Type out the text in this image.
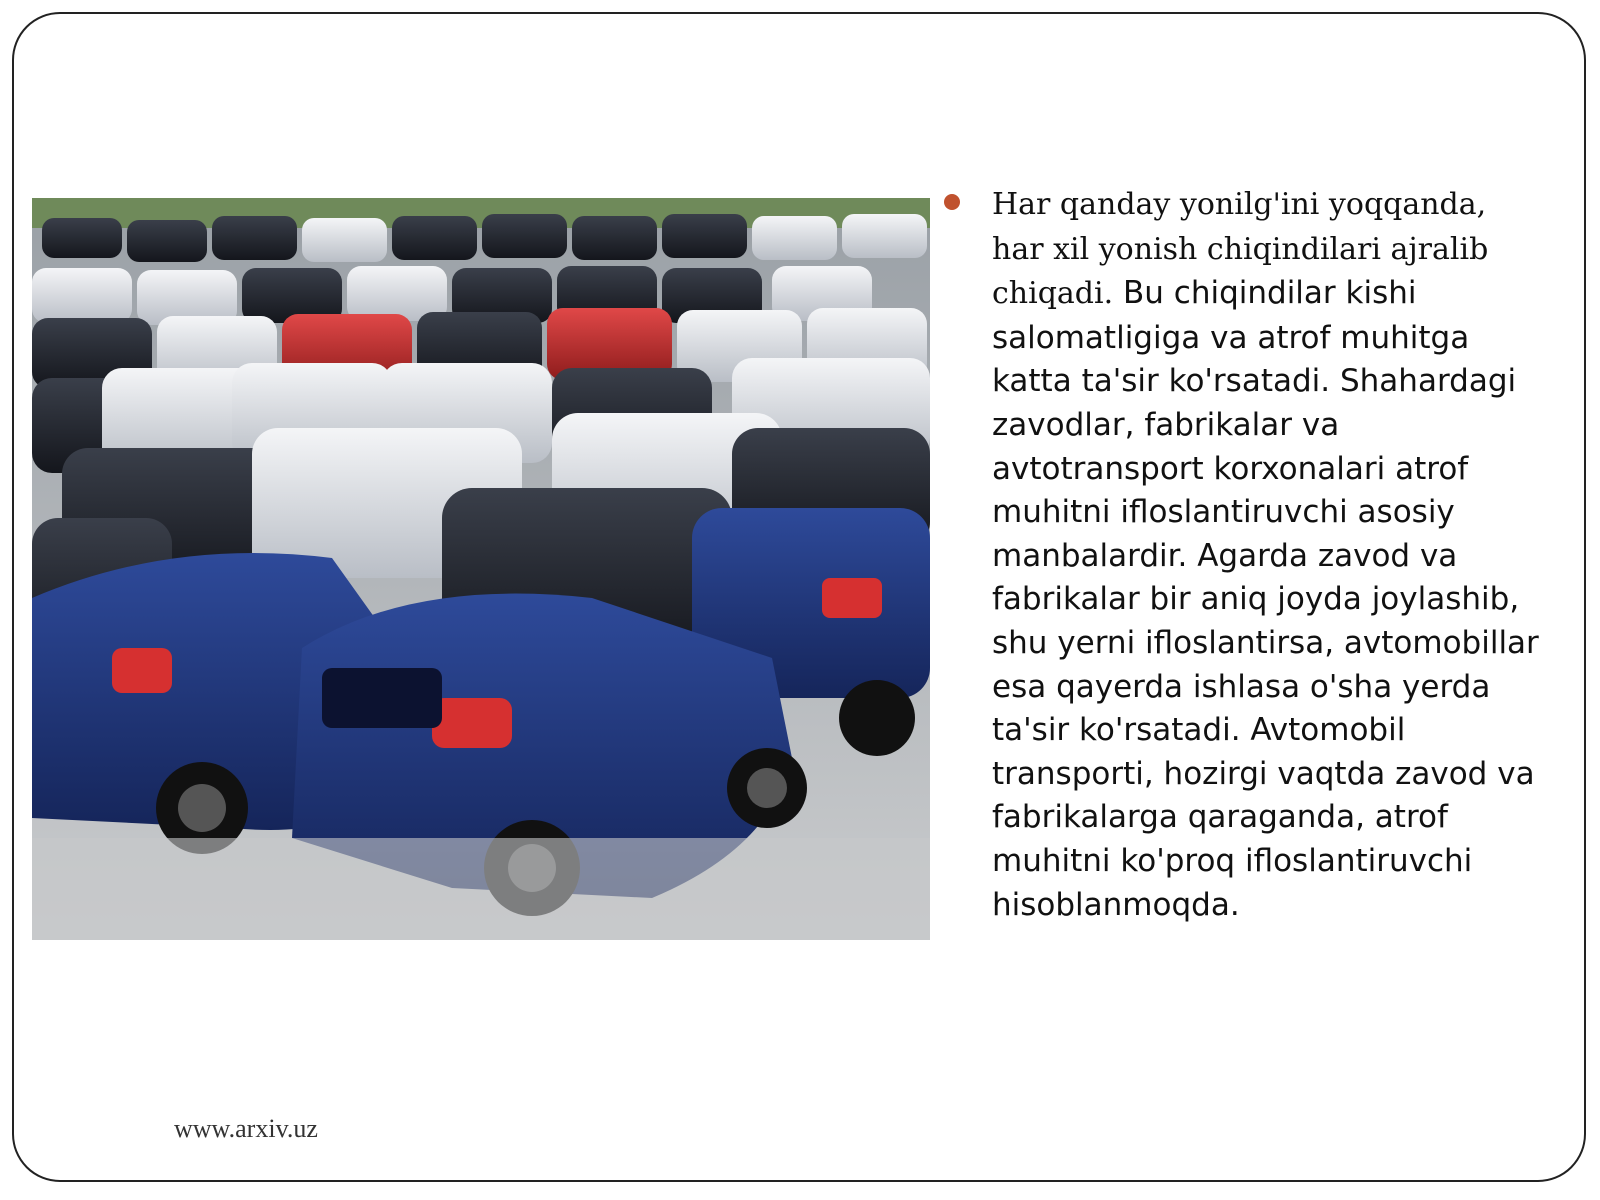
Har qanday yonilg'ini yoqqanda, har xil yonish chiqindilari ajralib chiqadi. Bu chiqindilar kishi salomatligiga va atrof muhitga katta ta'sir ko'rsatadi. Shahardagi zavodlar, fabrikalar va avtotransport korxonalari atrof muhitni ifloslantiruvchi asosiy manbalardir. Agarda zavod va fabrikalar bir aniq joyda joylashib, shu yerni ifloslantirsa, avtomobillar esa qayerda ishlasa o'sha yerda ta'sir ko'rsatadi. Avtomobil transporti, hozirgi vaqtda zavod va fabrikalarga qaraganda, atrof muhitni ko'proq ifloslantiruvchi hisoblanmoqda.

www.arxiv.uz
